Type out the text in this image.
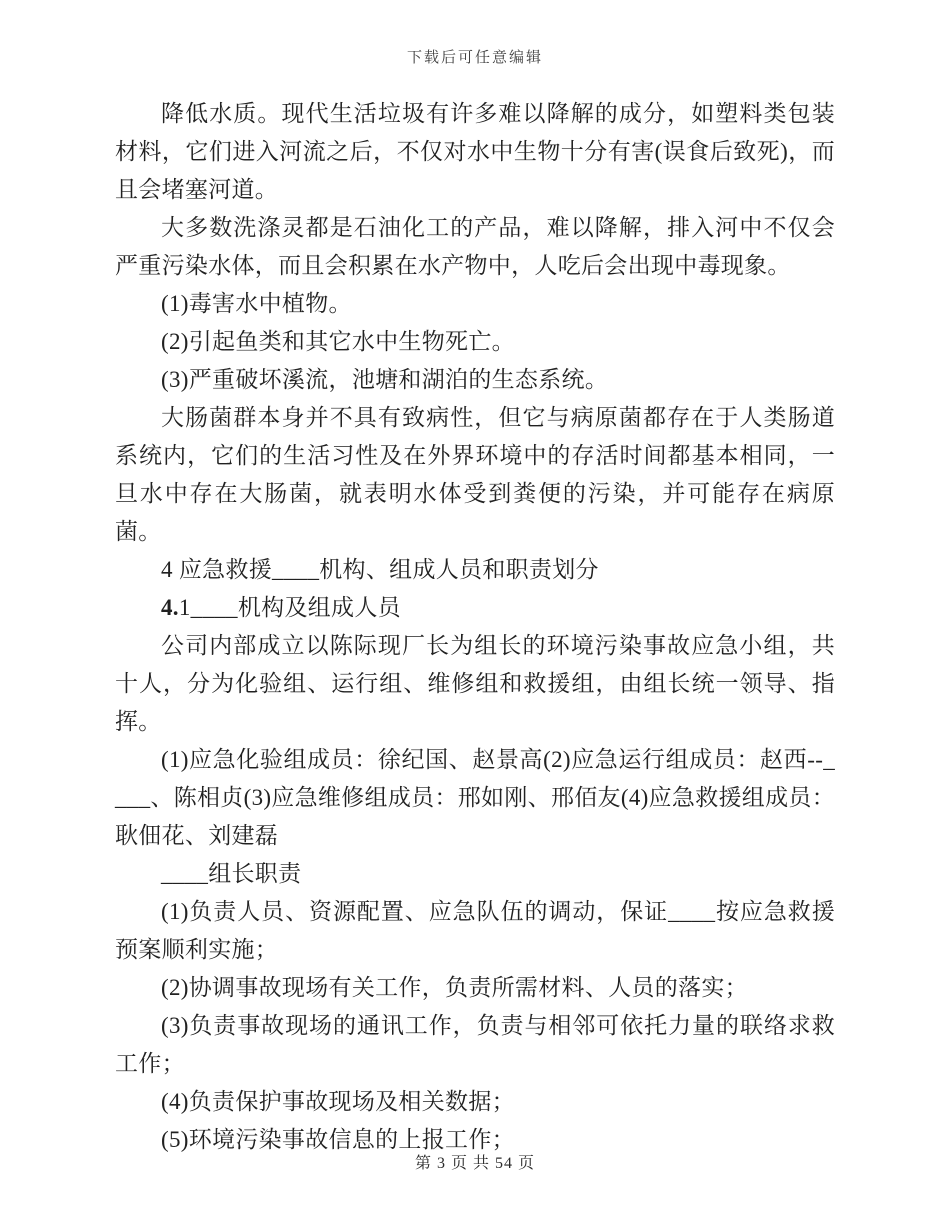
下载后可任意编辑

降低水质。现代生活垃圾有许多难以降解的成分，如塑料类包装材料，它们进入河流之后，不仅对水中生物十分有害(误食后致死)，而且会堵塞河道。

大多数洗涤灵都是石油化工的产品，难以降解，排入河中不仅会严重污染水体，而且会积累在水产物中，人吃后会出现中毒现象。

(1)毒害水中植物。

(2)引起鱼类和其它水中生物死亡。

(3)严重破坏溪流，池塘和湖泊的生态系统。

大肠菌群本身并不具有致病性，但它与病原菌都存在于人类肠道系统内，它们的生活习性及在外界环境中的存活时间都基本相同，一旦水中存在大肠菌，就表明水体受到粪便的污染，并可能存在病原菌。

4 应急救援____机构、组成人员和职责划分

4.1____机构及组成人员

公司内部成立以陈际现厂长为组长的环境污染事故应急小组，共十人，分为化验组、运行组、维修组和救援组，由组长统一领导、指挥。

(1)应急化验组成员：徐纪国、赵景高(2)应急运行组成员：赵西--____、陈相贞(3)应急维修组成员：邢如刚、邢佰友(4)应急救援组成员：耿佃花、刘建磊

____组长职责

(1)负责人员、资源配置、应急队伍的调动，保证____按应急救援预案顺利实施；

(2)协调事故现场有关工作，负责所需材料、人员的落实；

(3)负责事故现场的通讯工作，负责与相邻可依托力量的联络求救工作；

(4)负责保护事故现场及相关数据；

(5)环境污染事故信息的上报工作；

第 3 页 共 54 页
